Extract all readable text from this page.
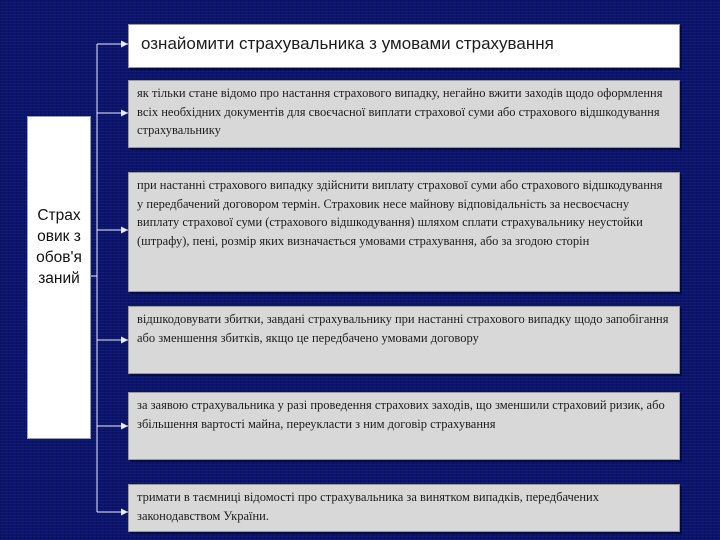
Страховик зобов'язаний
ознайомити страхувальника з умовами страхування
як тільки стане відомо про настання страхового випадку, негайно вжити заходів щодо оформлення всіх необхідних документів для своєчасної виплати страхової суми або страхового відшкодування страхувальнику
при настанні страхового випадку здійснити виплату страхової суми або страхового відшкодування у передбачений договором термін. Страховик несе майнову відповідальність за несвоєчасну виплату страхової суми (страхового відшкодування) шляхом сплати страхувальнику неустойки (штрафу), пені, розмір яких визначається умовами страхування, або за згодою сторін
відшкодовувати збитки, завдані страхувальнику при настанні страхового випадку щодо запобігання або зменшення збитків, якщо це передбачено умовами договору
за заявою страхувальника у разі проведення страхових заходів, що зменшили страховий ризик, або збільшення вартості майна, переукласти з ним договір страхування
тримати в таємниці відомості про страхувальника за винятком випадків, передбачених законодавством України.
